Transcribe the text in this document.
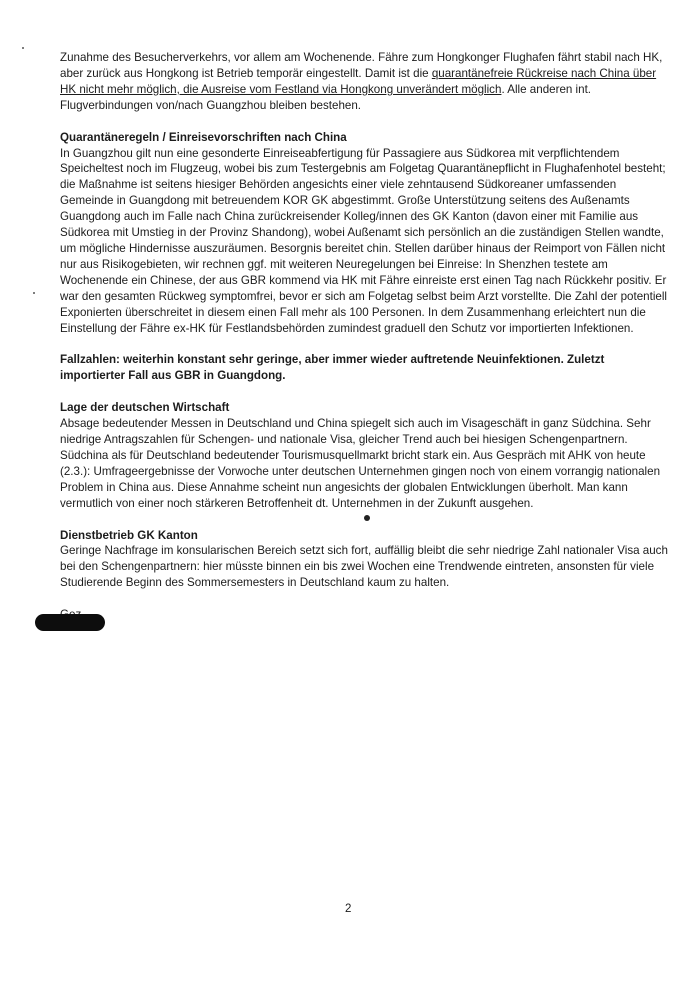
Zunahme des Besucherverkehrs, vor allem am Wochenende. Fähre zum Hongkonger Flughafen fährt stabil nach HK, aber zurück aus Hongkong ist Betrieb temporär eingestellt. Damit ist die quarantänefreie Rückreise nach China über HK nicht mehr möglich, die Ausreise vom Festland via Hongkong unverändert möglich. Alle anderen int. Flugverbindungen von/nach Guangzhou bleiben bestehen.

Quarantäneregeln / Einreisevorschriften nach China

In Guangzhou gilt nun eine gesonderte Einreiseabfertigung für Passagiere aus Südkorea mit verpflichtendem Speicheltest noch im Flugzeug, wobei bis zum Testergebnis am Folgetag Quarantänepflicht in Flughafenhotel besteht; die Maßnahme ist seitens hiesiger Behörden angesichts einer viele zehntausend Südkoreaner umfassenden Gemeinde in Guangdong mit betreuendem KOR GK abgestimmt. Große Unterstützung seitens des Außenamts Guangdong auch im Falle nach China zurückreisender Kolleg/innen des GK Kanton (davon einer mit Familie aus Südkorea mit Umstieg in der Provinz Shandong), wobei Außenamt sich persönlich an die zuständigen Stellen wandte, um mögliche Hindernisse auszuräumen. Besorgnis bereitet chin. Stellen darüber hinaus der Reimport von Fällen nicht nur aus Risikogebieten, wir rechnen ggf. mit weiteren Neuregelungen bei Einreise: In Shenzhen testete am Wochenende ein Chinese, der aus GBR kommend via HK mit Fähre einreiste erst einen Tag nach Rückkehr positiv. Er war den gesamten Rückweg symptomfrei, bevor er sich am Folgetag selbst beim Arzt vorstellte. Die Zahl der potentiell Exponierten überschreitet in diesem einen Fall mehr als 100 Personen. In dem Zusammenhang erleichtert nun die Einstellung der Fähre ex-HK für Festlandsbehörden zumindest graduell den Schutz vor importierten Infektionen.

Fallzahlen: weiterhin konstant sehr geringe, aber immer wieder auftretende Neuinfektionen. Zuletzt importierter Fall aus GBR in Guangdong.

Lage der deutschen Wirtschaft

Absage bedeutender Messen in Deutschland und China spiegelt sich auch im Visageschäft in ganz Südchina. Sehr niedrige Antragszahlen für Schengen- und nationale Visa, gleicher Trend auch bei hiesigen Schengenpartnern. Südchina als für Deutschland bedeutender Tourismusquellmarkt bricht stark ein. Aus Gespräch mit AHK von heute (2.3.): Umfrageergebnisse der Vorwoche unter deutschen Unternehmen gingen noch von einem vorrangig nationalen Problem in China aus. Diese Annahme scheint nun angesichts der globalen Entwicklungen überholt. Man kann vermutlich von einer noch stärkeren Betroffenheit dt. Unternehmen in der Zukunft ausgehen.

Dienstbetrieb GK Kanton

Geringe Nachfrage im konsularischen Bereich setzt sich fort, auffällig bleibt die sehr niedrige Zahl nationaler Visa auch bei den Schengenpartnern: hier müsste binnen ein bis zwei Wochen eine Trendwende eintreten, ansonsten für viele Studierende Beginn des Sommersemesters in Deutschland kaum zu halten.

2
